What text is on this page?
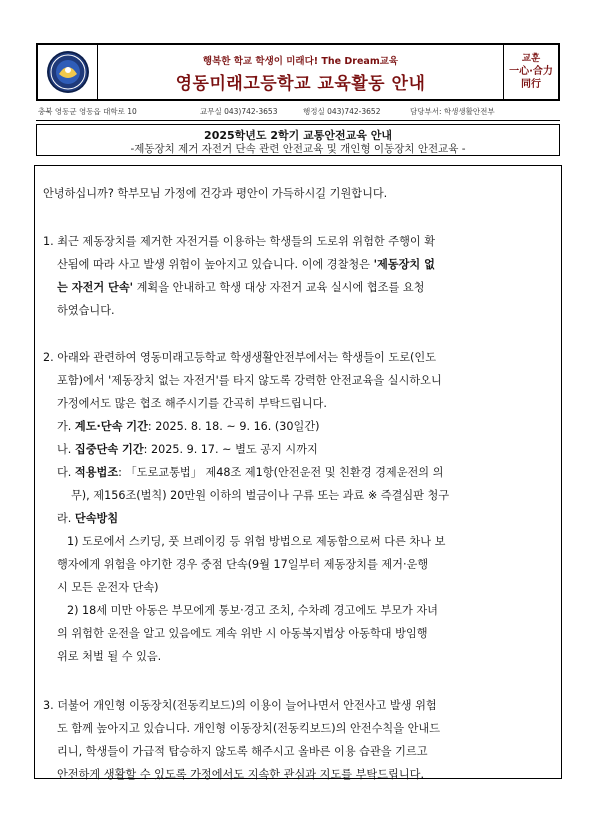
행복한 학교 학생이 미래다! The Dream교육
영동미래고등학교 교육활동 안내
교훈
一心·合力
同行
충북 영동군 영동읍 대학로 10	교무실 043)742-3653	행정실 043)742-3652	담당부서: 학생생활안전부
2025학년도 2학기 교통안전교육 안내
-제동장치 제거 자전거 단속 관련 안전교육 및 개인형 이동장치 안전교육 -
안녕하십니까? 학부모님 가정에 건강과 평안이 가득하시길 기원합니다.
1. 최근 제동장치를 제거한 자전거를 이용하는 학생들의 도로위 위험한 주행이 확
산됨에 따라 사고 발생 위험이 높아지고 있습니다. 이에 경찰청은 '제동장치 없
는 자전거 단속' 계획을 안내하고 학생 대상 자전거 교육 실시에 협조를 요청
하였습니다.
2. 아래와 관련하여 영동미래고등학교 학생생활안전부에서는 학생들이 도로(인도
포함)에서 '제동장치 없는 자전거'를 타지 않도록 강력한 안전교육을 실시하오니
가정에서도 많은 협조 해주시기를 간곡히 부탁드립니다.
가. 계도·단속 기간: 2025. 8. 18. ~ 9. 16. (30일간)
나. 집중단속 기간: 2025. 9. 17. ~ 별도 공지 시까지
다. 적용법조: 「도로교통법」 제48조 제1항(안전운전 및 친환경 경제운전의 의
무), 제156조(벌칙) 20만원 이하의 벌금이나 구류 또는 과료 ※ 즉결심판 청구
라. 단속방침
1) 도로에서 스키딩, 풋 브레이킹 등 위험 방법으로 제동함으로써 다른 차나 보
행자에게 위험을 야기한 경우 중점 단속(9월 17일부터 제동장치를 제거·운행
시 모든 운전자 단속)
2) 18세 미만 아동은 부모에게 통보·경고 조치, 수차례 경고에도 부모가 자녀
의 위험한 운전을 알고 있음에도 계속 위반 시 아동복지법상 아동학대 방임행
위로 처벌 될 수 있음.
3. 더불어 개인형 이동장치(전동킥보드)의 이용이 늘어나면서 안전사고 발생 위험
도 함께 높아지고 있습니다. 개인형 이동장치(전동킥보드)의 안전수칙을 안내드
리니, 학생들이 가급적 탑승하지 않도록 해주시고 올바른 이용 습관을 기르고
안전하게 생활할 수 있도록 가정에서도 지속한 관심과 지도를 부탁드립니다.
